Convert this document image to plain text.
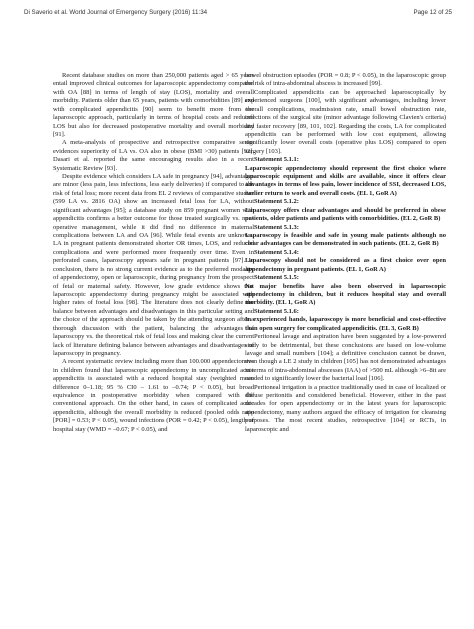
Di Saverio et al. World Journal of Emergency Surgery (2016) 11:34	Page 12 of 25

Recent database studies on more than 250,000 patients aged > 65 years entail improved clinical outcomes for laparoscopic appendectomy compared with OA [88] in terms of length of stay (LOS), mortality and overall morbidity. Patients older than 65 years, patients with comorbidities [89] and with complicated appendicitis [90] seem to benefit more from the laparoscopic approach, particularly in terms of hospital costs and reduced LOS but also for decreased postoperative mortality and overall morbidity [91].

A meta-analysis of prospective and retrospective comparative series evidences superiority of LA vs. OA also in obese (BMI >30) patients [92]. Dasari et al. reported the same encouraging results also in a recent Systematic Review [93].

Despite evidence which considers LA safe in pregnancy [94], advantages are minor (less pain, less infections, less early deliveries) if compared to the risk of fetal loss; more recent data from EL 2 reviews of comparative studies (599 LA vs. 2816 OA) show an increased fetal loss for LA, without significant advantages [95]; a database study on 859 pregnant women with appendicitis confirms a better outcome for those treated surgically vs. non-operative management, while it did find no difference in maternal complications between LA and OA [96]. While fetal events are unknown, LA in pregnant patients demonstrated shorter OR times, LOS, and reduced complications and were performed more frequently over time. Even in perforated cases, laparoscopy appears safe in pregnant patients [97]. In conclusion, there is no strong current evidence as to the preferred modality of appendectomy, open or laparoscopic, during pregnancy from the prospect of fetal or maternal safety. However, low grade evidence shows that laparoscopic appendectomy during pregnancy might be associated with higher rates of foetal loss [98]. The literature does not clearly define the balance between advantages and disadvantages in this particular setting and the choice of the approach should be taken by the attending surgeon after a thorough discussion with the patient, balancing the advantages of laparoscopy vs. the theoretical risk of fetal loss and making clear the current lack of literature defining balance between advantages and disadvantages of laparoscopy in pregnancy.

A recent systematic review including more than 100.000 appendectomies in children found that laparoscopic appendectomy in uncomplicated acute appendicitis is associated with a reduced hospital stay (weighted mean difference 0–1.18; 95 % CI0 – 1.61 to –0.74; P < 0.05), but broad equivalence in postoperative morbidity when compared with the conventional approach. On the other hand, in cases of complicated acute appendicitis, although the overall morbidity is reduced (pooled odds ratio [POR] = 0.53; P < 0.05), wound infections (POR = 0.42; P < 0.05), length of hospital stay (WMD = –0.67; P < 0.05), and

bowel obstruction episodes (POR = 0.8; P < 0.05), in the laparoscopic group the risk of intra-abdominal abscess is increased [99].

Complicated appendicitis can be approached laparoscopically by experienced surgeons [100], with significant advantages, including lower overall complications, readmission rate, small bowel obstruction rate, infections of the surgical site (minor advantage following Clavien's criteria) and faster recovery [89, 101, 102]. Regarding the costs, LA for complicated appendicitis can be performed with low cost equipment, allowing significantly lower overall costs (operative plus LOS) compared to open surgery [103].

Statement 5.1.1:

Laparoscopic appendectomy should represent the first choice where laparoscopic equipment and skills are available, since it offers clear advantages in terms of less pain, lower incidence of SSI, decreased LOS, earlier return to work and overall costs. (EL 1, GoR A)

Statement 5.1.2:

Laparoscopy offers clear advantages and should be preferred in obese patients, older patients and patients with comorbidities. (EL 2, GoR B)

Statement 5.1.3:

Laparoscopy is feasible and safe in young male patients although no clear advantages can be demonstrated in such patients. (EL 2, GoR B)

Statement 5.1.4:

Laparoscopy should not be considered as a first choice over open appendectomy in pregnant patients. (EL 1, GoR A)

Statement 5.1.5:

No major benefits have also been observed in laparoscopic appendectomy in children, but it reduces hospital stay and overall morbidity. (EL 1, GoR A)

Statement 5.1.6:

In experienced hands, laparoscopy is more beneficial and cost-effective than open surgery for complicated appendicitis. (EL 3, GoR B)

Peritoneal lavage and aspiration have been suggested by a low-powered study to be detrimental, but these conclusions are based on low-volume lavage and small numbers [104]; a definitive conclusion cannot be drawn, even though a LE 2 study in children [105] has not demonstrated advantages in terms of intra-abdominal abscesses (IAA) of >500 mL although >6–8tt are needed to significantly lower the bacterial load [106].

Peritoneal irrigation is a practice traditionally used in case of localized or diffuse peritonitis and considered beneficial. However, either in the past decades for open appendectomy or in the latest years for laparoscopic appendectomy, many authors argued the efficacy of irrigation for cleansing purposes. The most recent studies, retrospective [104] or RCTs, in laparoscopic and
